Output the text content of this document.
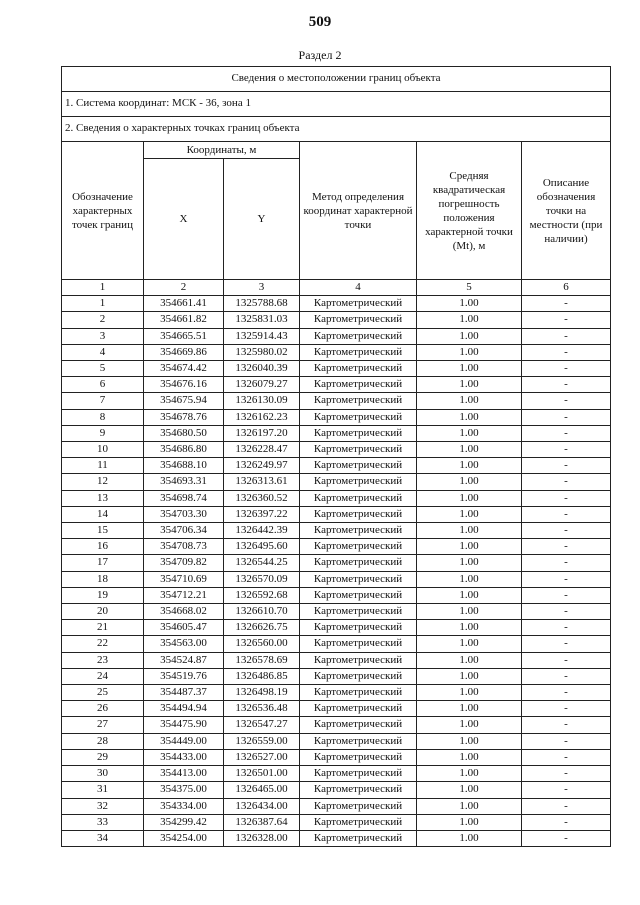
509
Раздел 2
Сведения о местоположении границ объекта					
1. Система координат: МСК - 36, зона 1					
2. Сведения о характерных точках границ объекта					
Обозначение характерных точек границ	Координаты, м		Метод определения координат характерной точки	Средняя квадратическая погрешность положения характерной точки (Мt), м	Описание обозначения точки на местности (при наличии)
	X	Y			
1	2	3	4	5	6
1	354661.41	1325788.68	Картометрический	1.00	-
2	354661.82	1325831.03	Картометрический	1.00	-
3	354665.51	1325914.43	Картометрический	1.00	-
4	354669.86	1325980.02	Картометрический	1.00	-
5	354674.42	1326040.39	Картометрический	1.00	-
6	354676.16	1326079.27	Картометрический	1.00	-
7	354675.94	1326130.09	Картометрический	1.00	-
8	354678.76	1326162.23	Картометрический	1.00	-
9	354680.50	1326197.20	Картометрический	1.00	-
10	354686.80	1326228.47	Картометрический	1.00	-
11	354688.10	1326249.97	Картометрический	1.00	-
12	354693.31	1326313.61	Картометрический	1.00	-
13	354698.74	1326360.52	Картометрический	1.00	-
14	354703.30	1326397.22	Картометрический	1.00	-
15	354706.34	1326442.39	Картометрический	1.00	-
16	354708.73	1326495.60	Картометрический	1.00	-
17	354709.82	1326544.25	Картометрический	1.00	-
18	354710.69	1326570.09	Картометрический	1.00	-
19	354712.21	1326592.68	Картометрический	1.00	-
20	354668.02	1326610.70	Картометрический	1.00	-
21	354605.47	1326626.75	Картометрический	1.00	-
22	354563.00	1326560.00	Картометрический	1.00	-
23	354524.87	1326578.69	Картометрический	1.00	-
24	354519.76	1326486.85	Картометрический	1.00	-
25	354487.37	1326498.19	Картометрический	1.00	-
26	354494.94	1326536.48	Картометрический	1.00	-
27	354475.90	1326547.27	Картометрический	1.00	-
28	354449.00	1326559.00	Картометрический	1.00	-
29	354433.00	1326527.00	Картометрический	1.00	-
30	354413.00	1326501.00	Картометрический	1.00	-
31	354375.00	1326465.00	Картометрический	1.00	-
32	354334.00	1326434.00	Картометрический	1.00	-
33	354299.42	1326387.64	Картометрический	1.00	-
34	354254.00	1326328.00	Картометрический	1.00	-
